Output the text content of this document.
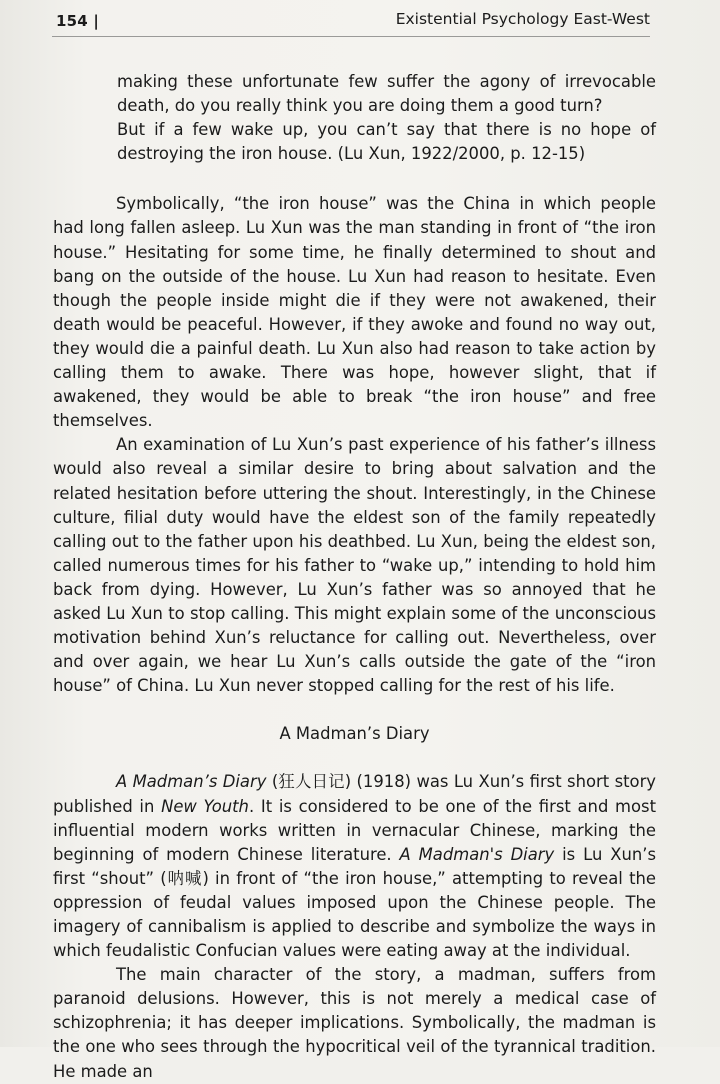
154 |	Existential Psychology East-West

making these unfortunate few suffer the agony of irrevocable death, do you really think you are doing them a good turn?

But if a few wake up, you can’t say that there is no hope of destroying the iron house. (Lu Xun, 1922/2000, p. 12-15)

Symbolically, “the iron house” was the China in which people had long fallen asleep. Lu Xun was the man standing in front of “the iron house.” Hesitating for some time, he finally determined to shout and bang on the outside of the house. Lu Xun had reason to hesitate. Even though the people inside might die if they were not awakened, their death would be peaceful. However, if they awoke and found no way out, they would die a painful death. Lu Xun also had reason to take action by calling them to awake. There was hope, however slight, that if awakened, they would be able to break “the iron house” and free themselves.

An examination of Lu Xun’s past experience of his father’s illness would also reveal a similar desire to bring about salvation and the related hesitation before uttering the shout. Interestingly, in the Chinese culture, filial duty would have the eldest son of the family repeatedly calling out to the father upon his deathbed. Lu Xun, being the eldest son, called numerous times for his father to “wake up,” intending to hold him back from dying. However, Lu Xun’s father was so annoyed that he asked Lu Xun to stop calling. This might explain some of the unconscious motivation behind Xun’s reluctance for calling out. Nevertheless, over and over again, we hear Lu Xun’s calls outside the gate of the “iron house” of China. Lu Xun never stopped calling for the rest of his life.

A Madman’s Diary

A Madman’s Diary (狂人日记) (1918) was Lu Xun’s first short story published in New Youth. It is considered to be one of the first and most influential modern works written in vernacular Chinese, marking the beginning of modern Chinese literature. A Madman's Diary is Lu Xun’s first “shout” (呐喊) in front of “the iron house,” attempting to reveal the oppression of feudal values imposed upon the Chinese people. The imagery of cannibalism is applied to describe and symbolize the ways in which feudalistic Confucian values were eating away at the individual.

The main character of the story, a madman, suffers from paranoid delusions. However, this is not merely a medical case of schizophrenia; it has deeper implications. Symbolically, the madman is the one who sees through the hypocritical veil of the tyrannical tradition. He made an
